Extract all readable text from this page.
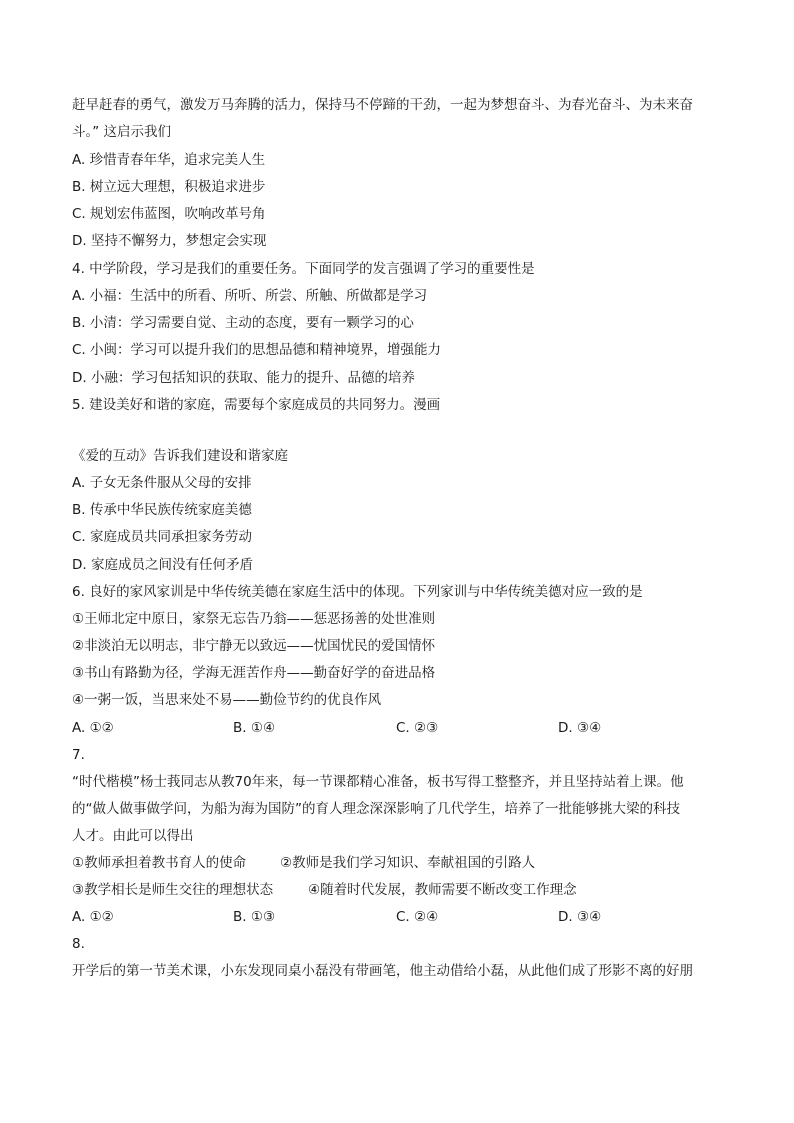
赶早赶春的勇气，激发万马奔腾的活力，保持马不停蹄的干劲，一起为梦想奋斗、为春光奋斗、为未来奋
斗。” 这启示我们
A. 珍惜青春年华，追求完美人生
B. 树立远大理想，积极追求进步
C. 规划宏伟蓝图，吹响改革号角
D. 坚持不懈努力，梦想定会实现
4. 中学阶段，学习是我们的重要任务。下面同学的发言强调了学习的重要性是
A. 小福：生活中的所看、所听、所尝、所触、所做都是学习
B. 小清：学习需要自觉、主动的态度，要有一颗学习的心
C. 小闽：学习可以提升我们的思想品德和精神境界，增强能力
D. 小融：学习包括知识的获取、能力的提升、品德的培养
5. 建设美好和谐的家庭，需要每个家庭成员的共同努力。漫画
《爱的互动》告诉我们建设和谐家庭
A. 子女无条件服从父母的安排
B. 传承中华民族传统家庭美德
C. 家庭成员共同承担家务劳动
D. 家庭成员之间没有任何矛盾
6. 良好的家风家训是中华传统美德在家庭生活中的体现。下列家训与中华传统美德对应一致的是
①王师北定中原日，家祭无忘告乃翁——惩恶扬善的处世准则
②非淡泊无以明志，非宁静无以致远——忧国忧民的爱国情怀
③书山有路勤为径，学海无涯苦作舟——勤奋好学的奋进品格
④一粥一饭，当思来处不易——勤俭节约的优良作风
A. ①②	B. ①④	C. ②③	D. ③④
7.
“时代楷模”杨士莪同志从教70年来，每一节课都精心准备，板书写得工整整齐，并且坚持站着上课。他
的“做人做事做学问，为船为海为国防”的育人理念深深影响了几代学生，培养了一批能够挑大梁的科技
人才。由此可以得出
①教师承担着教书育人的使命	②教师是我们学习知识、奉献祖国的引路人
③教学相长是师生交往的理想状态	④随着时代发展，教师需要不断改变工作理念
A. ①②	B. ①③	C. ②④	D. ③④
8.
开学后的第一节美术课，小东发现同桌小磊没有带画笔，他主动借给小磊，从此他们成了形影不离的好朋
